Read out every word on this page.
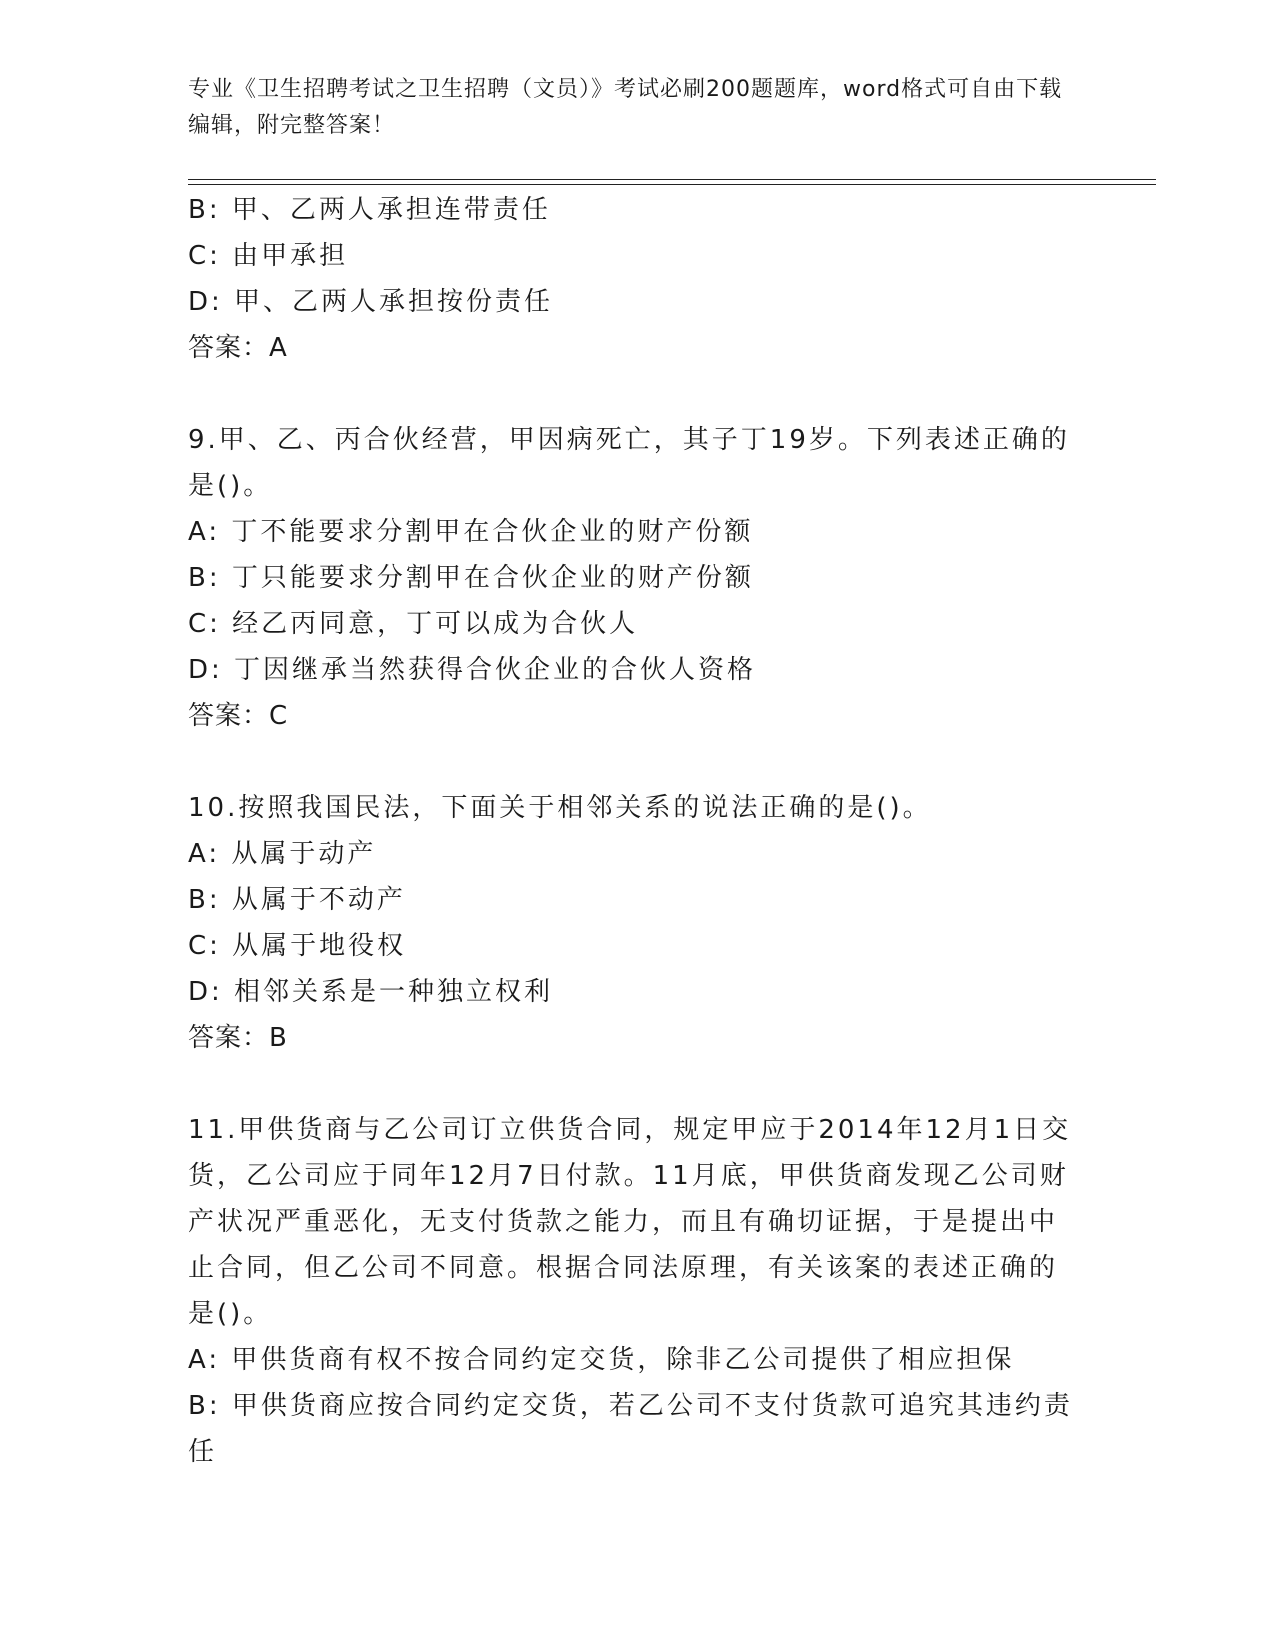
专业《卫生招聘考试之卫生招聘（文员）》考试必刷200题题库，word格式可自由下载编辑，附完整答案！
B: 甲、乙两人承担连带责任
C: 由甲承担
D: 甲、乙两人承担按份责任
答案：A
9.甲、乙、丙合伙经营，甲因病死亡，其子丁19岁。下列表述正确的
是()。
A: 丁不能要求分割甲在合伙企业的财产份额
B: 丁只能要求分割甲在合伙企业的财产份额
C: 经乙丙同意，丁可以成为合伙人
D: 丁因继承当然获得合伙企业的合伙人资格
答案：C
10.按照我国民法，下面关于相邻关系的说法正确的是()。
A: 从属于动产
B: 从属于不动产
C: 从属于地役权
D: 相邻关系是一种独立权利
答案：B
11.甲供货商与乙公司订立供货合同，规定甲应于2014年12月1日交
货，乙公司应于同年12月7日付款。11月底，甲供货商发现乙公司财
产状况严重恶化，无支付货款之能力，而且有确切证据，于是提出中
止合同，但乙公司不同意。根据合同法原理，有关该案的表述正确的
是()。
A: 甲供货商有权不按合同约定交货，除非乙公司提供了相应担保
B: 甲供货商应按合同约定交货，若乙公司不支付货款可追究其违约责
任
